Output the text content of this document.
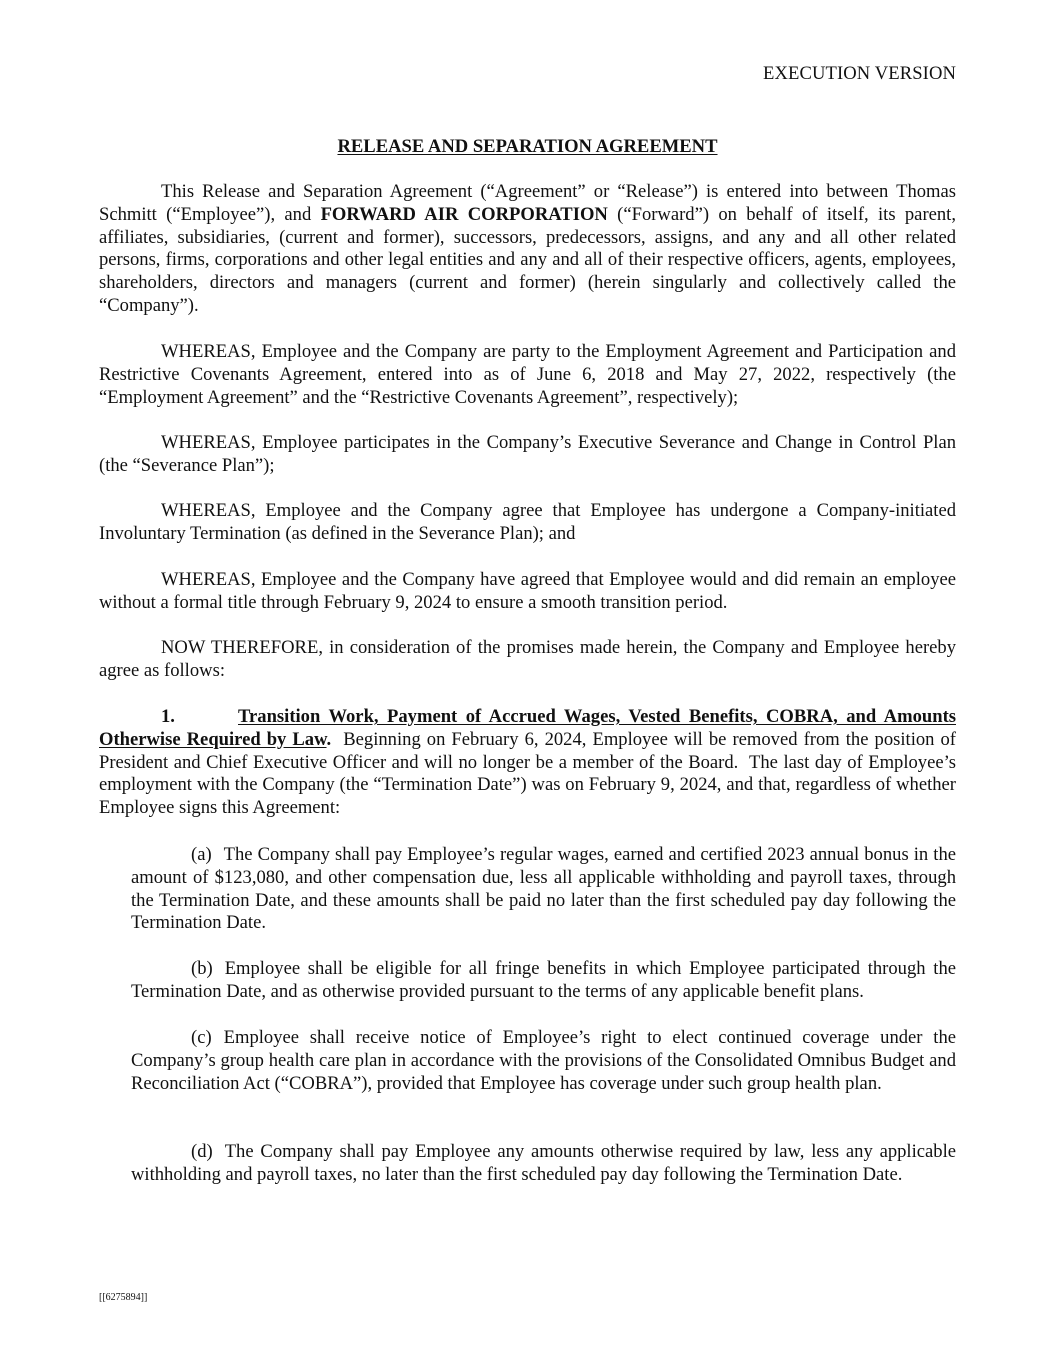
EXECUTION VERSION
RELEASE AND SEPARATION AGREEMENT

This Release and Separation Agreement (“Agreement” or “Release”) is entered into between Thomas Schmitt (“Employee”), and FORWARD AIR CORPORATION (“Forward”) on behalf of itself, its parent, affiliates, subsidiaries, (current and former), successors, predecessors, assigns, and any and all other related persons, firms, corporations and other legal entities and any and all of their respective officers, agents, employees, shareholders, directors and managers (current and former) (herein singularly and collectively called the “Company”).

WHEREAS, Employee and the Company are party to the Employment Agreement and Participation and Restrictive Covenants Agreement, entered into as of June 6, 2018 and May 27, 2022, respectively (the “Employment Agreement” and the “Restrictive Covenants Agreement”, respectively);

WHEREAS, Employee participates in the Company’s Executive Severance and Change in Control Plan (the “Severance Plan”);

WHEREAS, Employee and the Company agree that Employee has undergone a Company-initiated Involuntary Termination (as defined in the Severance Plan); and

WHEREAS, Employee and the Company have agreed that Employee would and did remain an employee without a formal title through February 9, 2024 to ensure a smooth transition period.

NOW THEREFORE, in consideration of the promises made herein, the Company and Employee hereby agree as follows:

1.	Transition Work, Payment of Accrued Wages, Vested Benefits, COBRA, and Amounts Otherwise Required by Law.  Beginning on February 6, 2024, Employee will be removed from the position of President and Chief Executive Officer and will no longer be a member of the Board.  The last day of Employee’s employment with the Company (the “Termination Date”) was on February 9, 2024, and that, regardless of whether Employee signs this Agreement:

(a) The Company shall pay Employee’s regular wages, earned and certified 2023 annual bonus in the amount of $123,080, and other compensation due, less all applicable withholding and payroll taxes, through the Termination Date, and these amounts shall be paid no later than the first scheduled pay day following the Termination Date.

(b) Employee shall be eligible for all fringe benefits in which Employee participated through the Termination Date, and as otherwise provided pursuant to the terms of any applicable benefit plans.

(c) Employee shall receive notice of Employee’s right to elect continued coverage under the Company’s group health care plan in accordance with the provisions of the Consolidated Omnibus Budget and Reconciliation Act (“COBRA”), provided that Employee has coverage under such group health plan.

(d) The Company shall pay Employee any amounts otherwise required by law, less any applicable withholding and payroll taxes, no later than the first scheduled pay day following the Termination Date.

[[6275894]]
